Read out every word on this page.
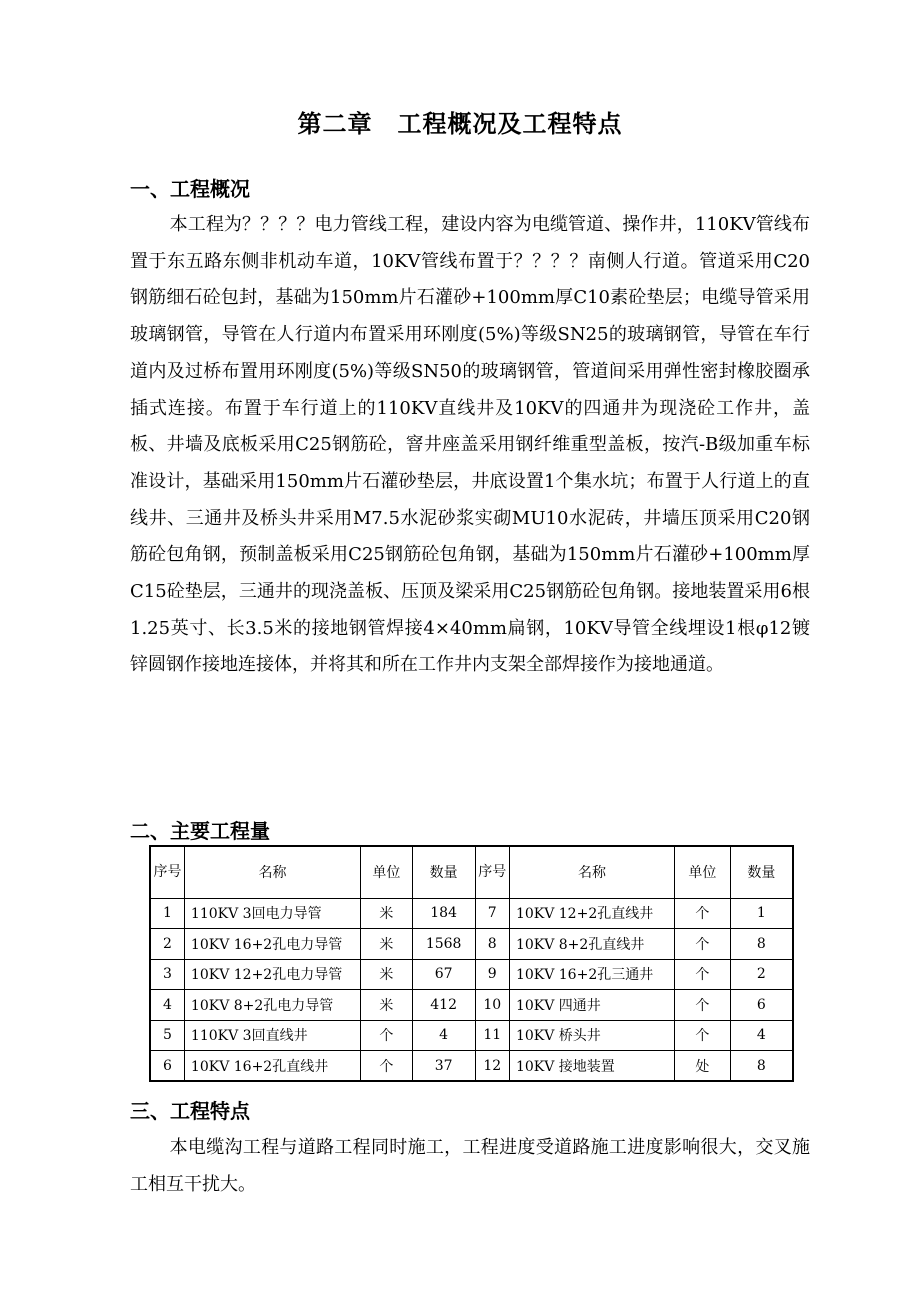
第二章　工程概况及工程特点
一、工程概况

本工程为？？？？电力管线工程，建设内容为电缆管道、操作井，110KV管线布置于东五路东侧非机动车道，10KV管线布置于？？？？南侧人行道。管道采用C20钢筋细石砼包封，基础为150mm片石灌砂+100mm厚C10素砼垫层；电缆导管采用玻璃钢管，导管在人行道内布置采用环刚度(5%)等级SN25的玻璃钢管，导管在车行道内及过桥布置用环刚度(5%)等级SN50的玻璃钢管，管道间采用弹性密封橡胶圈承插式连接。布置于车行道上的110KV直线井及10KV的四通井为现浇砼工作井，盖板、井墙及底板采用C25钢筋砼，窨井座盖采用钢纤维重型盖板，按汽-B级加重车标准设计，基础采用150mm片石灌砂垫层，井底设置1个集水坑；布置于人行道上的直线井、三通井及桥头井采用M7.5水泥砂浆实砌MU10水泥砖，井墙压顶采用C20钢筋砼包角钢，预制盖板采用C25钢筋砼包角钢，基础为150mm片石灌砂+100mm厚C15砼垫层，三通井的现浇盖板、压顶及梁采用C25钢筋砼包角钢。接地装置采用6根1.25英寸、长3.5米的接地钢管焊接4×40mm扁钢，10KV导管全线埋设1根φ12镀锌圆钢作接地连接体，并将其和所在工作井内支架全部焊接作为接地通道。

二、主要工程量
序号	名称	单位	数量	序号	名称	单位	数量
1	110KV 3回电力导管	米	184	7	10KV 12+2孔直线井	个	1
2	10KV 16+2孔电力导管	米	1568	8	10KV 8+2孔直线井	个	8
3	10KV 12+2孔电力导管	米	67	9	10KV 16+2孔三通井	个	2
4	10KV 8+2孔电力导管	米	412	10	10KV 四通井	个	6
5	110KV 3回直线井	个	4	11	10KV 桥头井	个	4
6	10KV 16+2孔直线井	个	37	12	10KV 接地装置	处	8
三、工程特点

本电缆沟工程与道路工程同时施工，工程进度受道路施工进度影响很大，交叉施工相互干扰大。
